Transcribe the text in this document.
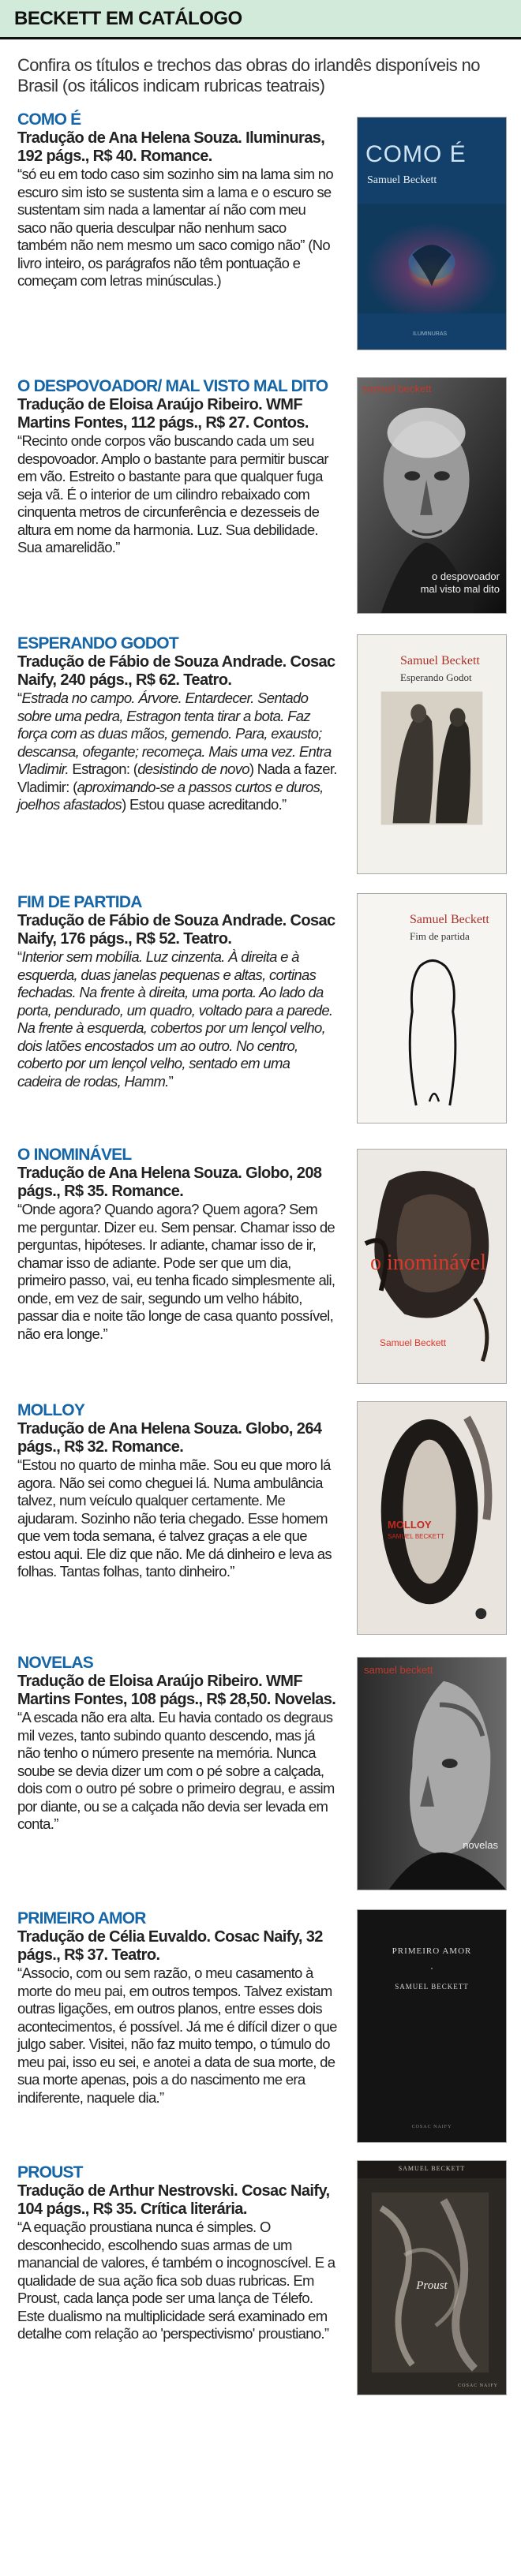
BECKETT EM CATÁLOGO

Confira os títulos e trechos das obras do irlandês disponíveis no Brasil (os itálicos indicam rubricas teatrais)

COMO É
Tradução de Ana Helena Souza. Iluminuras, 192 págs., R$ 40. Romance.
“só eu em todo caso sim sozinho sim na lama sim no escuro sim isto se sustenta sim a lama e o escuro se sustentam sim nada a lamentar aí não com meu saco não queria desculpar não nenhum saco também não nem mesmo um saco comigo não” (No livro inteiro, os parágrafos não têm pontuação e começam com letras minúsculas.)
COMO É
Samuel Beckett
ILUMINURAS
O DESPOVOADOR/ MAL VISTO MAL DITO
Tradução de Eloisa Araújo Ribeiro. WMF Martins Fontes, 112 págs., R$ 27. Contos.
“Recinto onde corpos vão buscando cada um seu despovoador. Amplo o bastante para permitir buscar em vão. Estreito o bastante para que qualquer fuga seja vã. É o interior de um cilindro rebaixado com cinquenta metros de circunferência e dezesseis de altura em nome da harmonia. Luz. Sua debilidade. Sua amarelidão.”
samuel beckett
o despovoador
mal visto mal dito
ESPERANDO GODOT
Tradução de Fábio de Souza Andrade. Cosac Naify, 240 págs., R$ 62. Teatro.
“Estrada no campo. Árvore. Entardecer. Sentado sobre uma pedra, Estragon tenta tirar a bota. Faz força com as duas mãos, gemendo. Para, exausto; descansa, ofegante; recomeça. Mais uma vez. Entra Vladimir. Estragon: (desistindo de novo) Nada a fazer. Vladimir: (aproximando-se a passos curtos e duros, joelhos afastados) Estou quase acreditando.”
Samuel Beckett
Esperando Godot
FIM DE PARTIDA
Tradução de Fábio de Souza Andrade. Cosac Naify, 176 págs., R$ 52. Teatro.
“Interior sem mobília. Luz cinzenta. À direita e à esquerda, duas janelas pequenas e altas, cortinas fechadas. Na frente à direita, uma porta. Ao lado da porta, pendurado, um quadro, voltado para a parede. Na frente à esquerda, cobertos por um lençol velho, dois latões encostados um ao outro. No centro, coberto por um lençol velho, sentado em uma cadeira de rodas, Hamm.”
Samuel Beckett
Fim de partida
O INOMINÁVEL
Tradução de Ana Helena Souza. Globo, 208 págs., R$ 35. Romance.
“Onde agora? Quando agora? Quem agora? Sem me perguntar. Dizer eu. Sem pensar. Chamar isso de perguntas, hipóteses. Ir adiante, chamar isso de ir, chamar isso de adiante. Pode ser que um dia, primeiro passo, vai, eu tenha ficado simplesmente ali, onde, em vez de sair, segundo um velho hábito, passar dia e noite tão longe de casa quanto possível, não era longe.”
o inominável
Samuel Beckett
MOLLOY
Tradução de Ana Helena Souza. Globo, 264 págs., R$ 32. Romance.
“Estou no quarto de minha mãe. Sou eu que moro lá agora. Não sei como cheguei lá. Numa ambulância talvez, num veículo qualquer certamente. Me ajudaram. Sozinho não teria chegado. Esse homem que vem toda semana, é talvez graças a ele que estou aqui. Ele diz que não. Me dá dinheiro e leva as folhas. Tantas folhas, tanto dinheiro.”
MOLLOY
SAMUEL BECKETT
NOVELAS
Tradução de Eloisa Araújo Ribeiro. WMF Martins Fontes, 108 págs., R$ 28,50. Novelas.
“A escada não era alta. Eu havia contado os degraus mil vezes, tanto subindo quanto descendo, mas já não tenho o número presente na memória. Nunca soube se devia dizer um com o pé sobre a calçada, dois com o outro pé sobre o primeiro degrau, e assim por diante, ou se a calçada não devia ser levada em conta.”
samuel beckett
novelas
PRIMEIRO AMOR
Tradução de Célia Euvaldo. Cosac Naify, 32 págs., R$ 37. Teatro.
“Associo, com ou sem razão, o meu casamento à morte do meu pai, em outros tempos. Talvez existam outras ligações, em outros planos, entre esses dois acontecimentos, é possível. Já me é difícil dizer o que julgo saber. Visitei, não faz muito tempo, o túmulo do meu pai, isso eu sei, e anotei a data de sua morte, de sua morte apenas, pois a do nascimento me era indiferente, naquele dia.”
PRIMEIRO AMOR
•
SAMUEL BECKETT
COSAC NAIFY
PROUST
Tradução de Arthur Nestrovski. Cosac Naify, 104 págs., R$ 35. Crítica literária.
“A equação proustiana nunca é simples. O desconhecido, escolhendo suas armas de um manancial de valores, é também o incognoscível. E a qualidade de sua ação fica sob duas rubricas. Em Proust, cada lança pode ser uma lança de Télefo. Este dualismo na multiplicidade será examinado em detalhe com relação ao 'perspectivismo' proustiano.”
SAMUEL BECKETT
Proust
COSAC NAIFY
